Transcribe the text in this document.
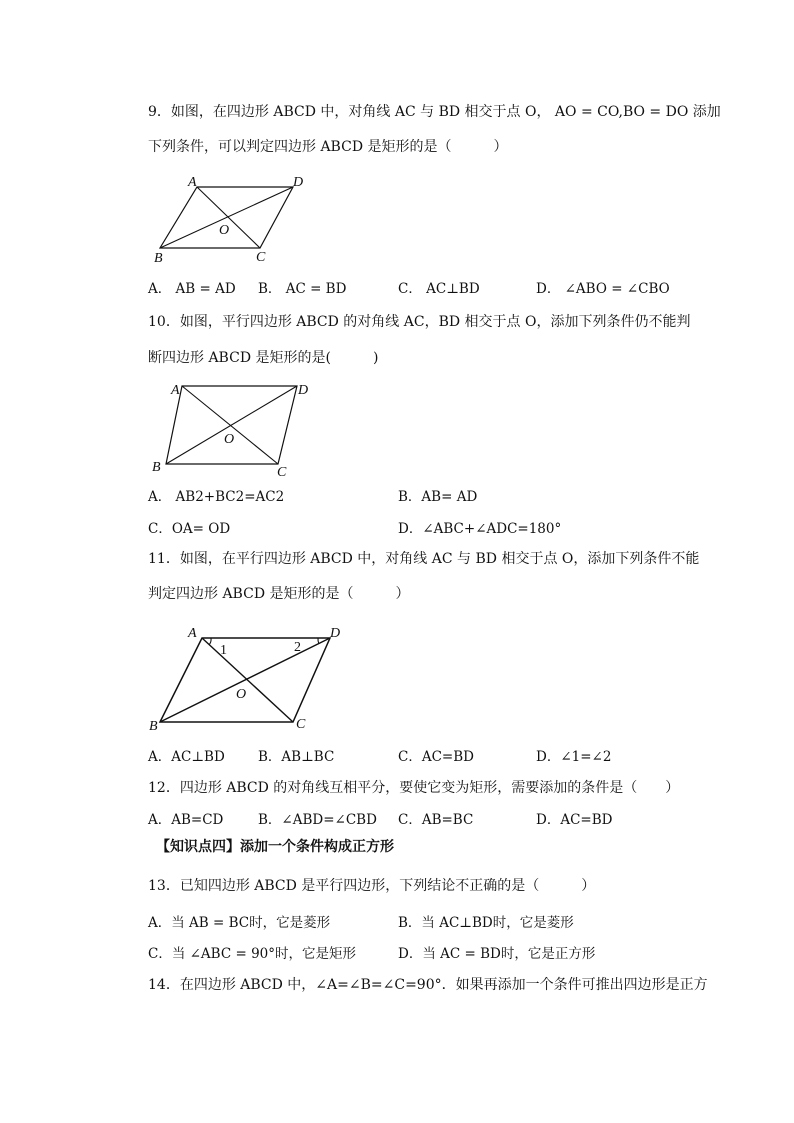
9．如图，在四边形 ABCD 中，对角线 AC 与 BD 相交于点 O， AO = CO,BO = DO 添加
下列条件，可以判定四边形 ABCD 是矩形的是（　　　）
A	D
O
B	C
A． AB = AD B． AC = BD	C． AC⊥BD	D． ∠ABO = ∠CBO
10．如图，平行四边形 ABCD 的对角线 AC，BD 相交于点 O，添加下列条件仍不能判
断四边形 ABCD 是矩形的是(　　　)
A	D
O
B	C
A． AB2+BC2=AC2	B．AB= AD
C．OA= OD	D．∠ABC+∠ADC=180°
11．如图，在平行四边形 ABCD 中，对角线 AC 与 BD 相交于点 O，添加下列条件不能
判定四边形 ABCD 是矩形的是（　　　）
A	D
1	2
O
B	C
A．AC⊥BD B．AB⊥BC	C．AC=BD	D．∠1=∠2
12．四边形 ABCD 的对角线互相平分，要使它变为矩形，需要添加的条件是（　　）
A．AB=CD	B．∠ABD=∠CBD C．AB=BC	D．AC=BD
【知识点四】添加一个条件构成正方形
13．已知四边形 ABCD 是平行四边形，下列结论不正确的是（　　　）
A．当 AB = BC时，它是菱形	B．当 AC⊥BD时，它是菱形
C．当 ∠ABC = 90°时，它是矩形	D．当 AC = BD时，它是正方形
14．在四边形 ABCD 中，∠A=∠B=∠C=90°．如果再添加一个条件可推出四边形是正方
